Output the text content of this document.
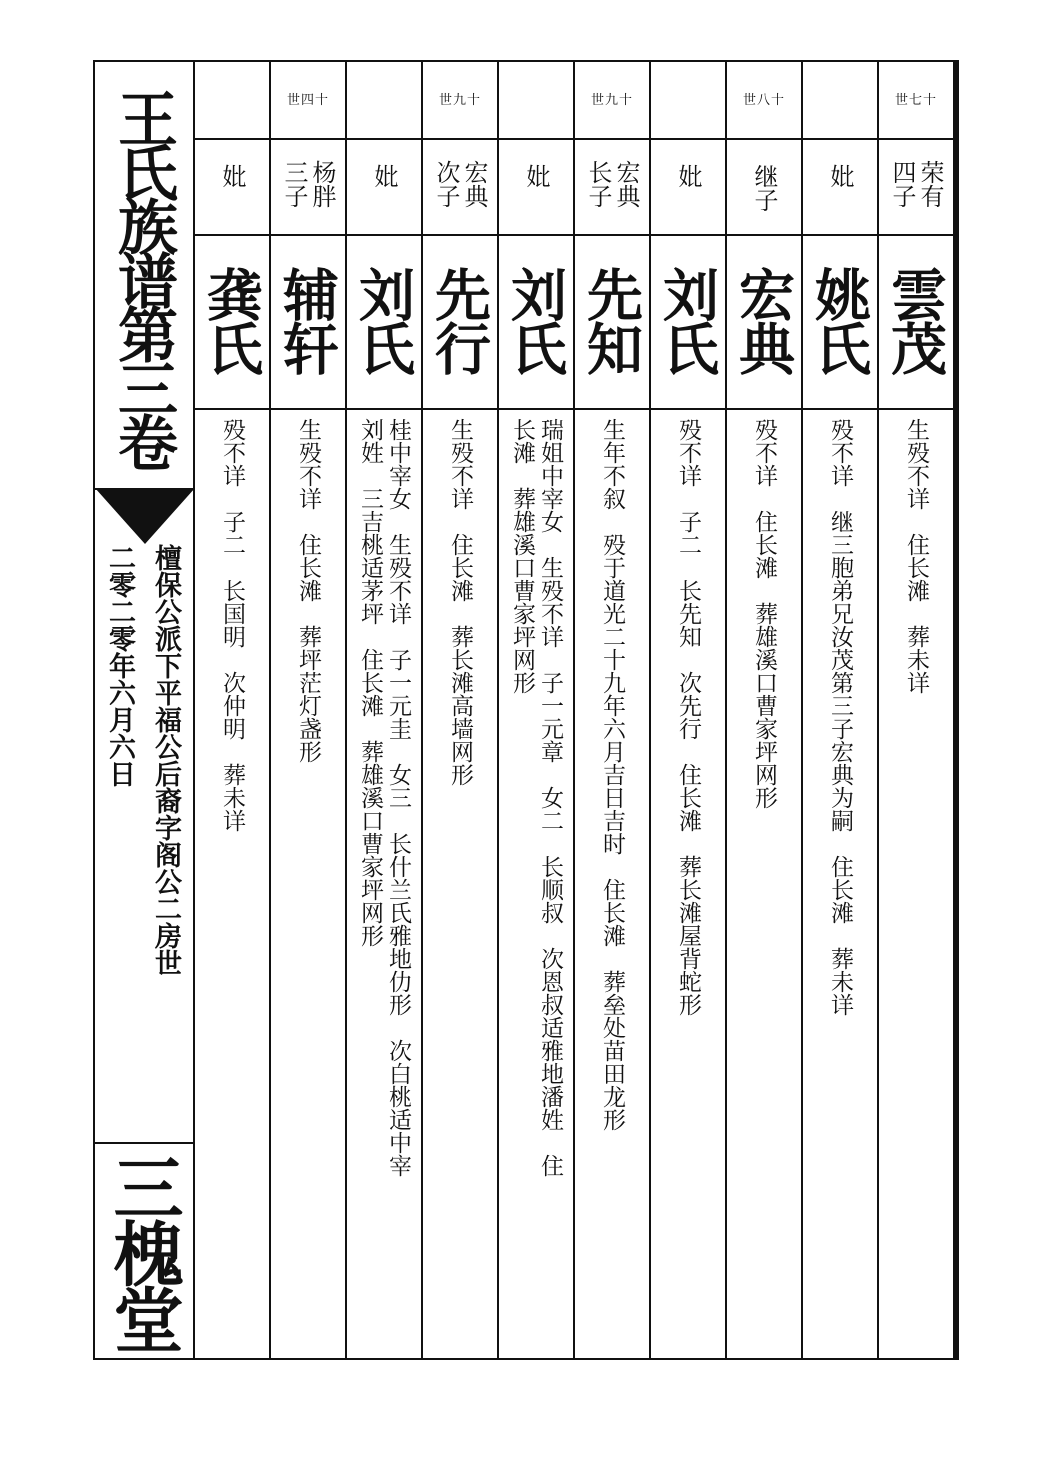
王氏族谱第三卷
檀保公派下平福公后裔字阁公二房世
二零二零年六月六日
三槐堂
妣
龚氏
殁不详　子二　长国明　次仲明　葬未详
世四十
杨胖
三子
辅轩
生殁不详　住长滩　葬坪茫灯盏形
妣
刘氏
桂中宰女　生殁不详　子一元圭　女三　长什兰氏雅地仂形　次白桃适中宰
刘姓　三吉桃适茅坪　住长滩　葬雄溪口曹家坪网形
世九十
宏典
次子
先行
生殁不详　住长滩　葬长滩高墙网形
妣
刘氏
瑞姐中宰女　生殁不详　子一元章　女二　长顺叔　次恩叔适雅地潘姓　住
长滩　葬雄溪口曹家坪网形
世九十
宏典
长子
先知
生年不叙　殁于道光二十九年六月吉日吉时　住长滩　葬垒处苗田龙形
妣
刘氏
殁不详　子二　长先知　次先行　住长滩　葬长滩屋背蛇形
世八十
继子
宏典
殁不详　住长滩　葬雄溪口曹家坪网形
妣
姚氏
殁不详　继三胞弟兄汝茂第三子宏典为嗣　住长滩　葬未详
世七十
荣有
四子
雲茂
生殁不详　住长滩　葬未详
